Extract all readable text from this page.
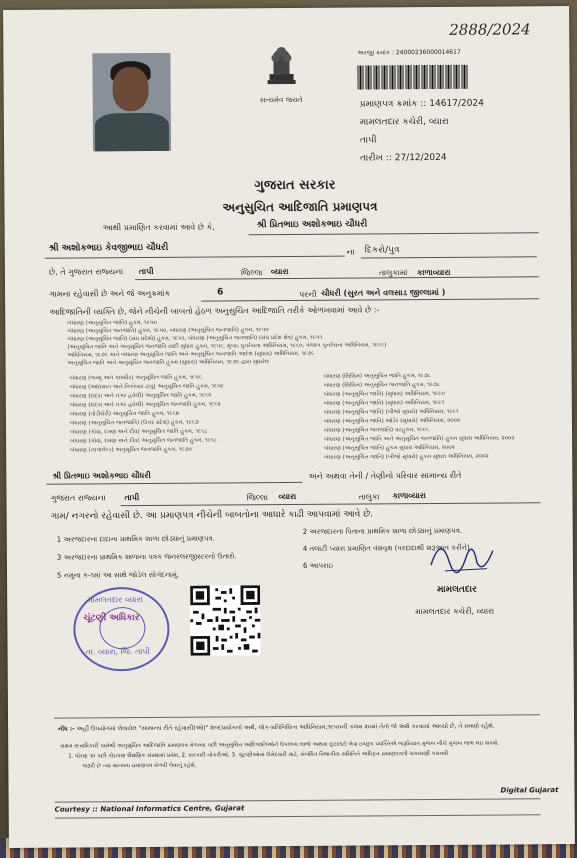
2888/2024
સત્યમેવ જયતે
અરજી ક્રમાંક : 24000236000014617
પ્રમાણપત્ર ક્રમાંક :: 14617/2024
મામલતદાર કચેરી, વ્યારા
તાપી
તારીખ :: 27/12/2024
ગુજરાત સરકાર
અનુસુચિત આદિજાતિ પ્રમાણપત્ર
આથી પ્રમાણિત કરવામાં આવે છે કે,	શ્રી પ્રિતભાઇ અશોકભાઇ ચૌધરી
શ્રી અશોકભાઇ કેવજીભાઇ ચૌધરી	ના દિકરો/પુત્ર
છે, તે ગુજરાત રાજ્યના તાપી	જિલ્લા વ્યારા	તાલુકામાં કાળાવ્યારા
ગામના રહેવાસી છે અને જે અનુક્રમાંક	6	પરની ચૌધરી (સુરત અને વલસાડ જીલ્લામાં )
આદિજાતિની વ્યક્તિ છે, જેને નીચેની બાબતો હેઠળ અનુસુચિત આદિજાતિ તરીકે ઓળખવામાં આવે છે :-
બંધારણ (અનુસૂચિત જાતિ) હુકમ, ૧૯૫૦
બંધારણ (અનુસૂચિત જનજાતિ) હુકમ, ૧૯૫૦, બંધારણ (અનુસૂચિત જનજાતિ) હુકમ, ૧૯૫૦
બંધારણ (અનુસૂચિત જાતિ) (સંઘ પ્રદેશો) હુકમ, ૧૯૫૧, બંધારણ (અનુસૂચિત જનજાતિ) (સંઘ પ્રદેશ ક્ષેત્ર) હુકમ, ૧૯૫૧
(અનુસૂચિત જાતિ અને અનુસૂચિત જનજાતિ યાદી સુધારા હુકમ, ૧૯૫૬, મુંબઇ પુનર્રચના અધિનિયમ, ૧૯૬૦, પંજાબ પુનર્રચના અધિનિયમ, ૧૯૬૬)
અધિનિયમ, ૧૯૭૬ અને બંધારણ અનુસૂચિત જાતિ અને અનુસૂચિત જનજાતિ આદેશ (સુધારા) અધિનિયમ, ૧૯૭૬
અનુસૂચિત જાતિ અને અનુસૂચિત જનજાતિ હુકમ (સુધારા) અધિનિયમ, ૧૯૭૬ દ્વારા સુધારેલ
બંધારણ (જમ્મુ અને કાશ્મીર) અનુસૂચિત જાતિ હુકમ, ૧૯૫૬
બંધારણ (આંદામાન અને નિકોબાર ટાપુ) અનુસૂચિત જાતિ હુકમ, ૧૯૫૯
બંધારણ (દાદરા અને નગર હવેલી) અનુસૂચિત જાતિ હુકમ, ૧૯૬૨
બંધારણ (દાદરા અને નગર હવેલી) અનુસૂચિત જનજાતિ હુકમ, ૧૯૬૨
બંધારણ (પોંડીચેરી) અનુસૂચિત જાતિ હુકમ, ૧૯૬૪
બંધારણ (અનુસૂચિત જનજાતિ) (ઉત્તર પ્રદેશ) હુકમ, ૧૯૬૭
બંધારણ (ગોવા, દમણ અને દીવ) અનુસૂચિત જાતિ હુકમ, ૧૯૬૮
બંધારણ (ગોવા, દમણ અને દીવ) અનુસૂચિત જનજાતિ હુકમ, ૧૯૬૮
બંધારણ (નાગાલેન્ડ) અનુસૂચિત જનજાતિ હુકમ, ૧૯૭૦
બંધારણ (સિક્કિમ) અનુસૂચિત જાતિ હુકમ, ૧૯૭૮
બંધારણ (સિક્કિમ) અનુસૂચિત જનજાતિ હુકમ, ૧૯૭૮
બંધારણ (અનુસૂચિત જાતિ) (સુધારા) અધિનિયમ, ૧૯૯૦
બંધારણ (અનુસૂચિત જાતિ) (સુધારા) અધિનિયમ, ૧૯૯૧
બંધારણ (અનુસૂચિત જાતિ) (બીજો સુધારો) અધિનિયમ, ૧૯૯૧
બંધારણ (અનુસૂચિત જાતિ) ઓર્ડર (સુધારો) અધિનિયમ, ૨૦૦૨
બંધારણ (અનુસૂચિત જનજાતિ) વટહુકમ, ૧૯૯૬
બંધારણ (અનુસૂચિત જાતિ અને અનુસૂચિત જનજાતિ) હુકમ સુધારા અધિનિયમ, ૨૦૦૨
બંધારણ (અનુસૂચિત જાતિ) હુકમ સુધારા અધિનિયમ, ૨૦૦૨
બંધારણ (અનુસૂચિત જાતિ) (બીજો સુધારો) હુકમ સુધારા અધિનિયમ, ૨૦૦૨
શ્રી પ્રિતભાઇ અશોકભાઇ ચૌધરી	અને અથવા તેની / તેણીનો પરિવાર સામાન્ય રીતે
ગુજરાત રાજ્યના તાપી	જિલ્લા વ્યારા	તાલુકા કાળાવ્યારા
ગામ/ નગરનો રહેવાસી છે. આ પ્રમાણપત્ર નીચેની બાબતોના આધારે કાઢી આપવામાં આવે છે.
1 અરજદારના દાદાના પ્રાથમિક શાળા છોડ્યાનું પ્રમાણપત્ર.
3 અરજદારના પ્રાથમિક શાળાના પત્રક જનરલરજીસ્ટરનો ઉતારો.
5 નમુના ક-૧માં આ સાથે જોડેલ સોગંદનામું.
2 અરજદારના પિતાના પ્રાથમિક શાળા છોડ્યાનું પ્રમાણપત્ર.
4 તલાટી પ્યારા પ્રમાણિત વંશવૃક્ષ (પરદાદાથી શરૂઆત કરીને).
6 આપરાઇ
મામલતદાર
મામલતદાર કચેરી, વ્યારા
મામલતદાર વ્યારા
ચૂંટણી અધિકાર
તા. વ્યારા, જિ. તાપી
નોંધ :- અહીં ઉપયોગમાં લેવાયેલ "સામાન્ય રીતે રહેવાસી(ઓ)" શબ્દપ્રયોગનો અર્થ, લોક-પ્રતિનિધિત્વ અધિનિયમ,૧૯૫૦ની કલમ ૨૦માં તેનો જે અર્થ કરવામાં આવ્યો છે, તે પ્રમાણે રહેશે.
સક્ષમ સત્તાધિકારી પાસેથી અનુસુચિત આદિજાતિ પ્રમાણપત્ર મેળવ્યા પછી અનુસુચિત આદિજાતિઓને ઉપલબ્ધ લાભો અથવા છૂટછાટો લેવા ઇચ્છુક વ્યક્તિએ જરૂરિયાત મુજબ નીચે મુજબ લાભ લઇ શકશે.
1. ધોરણ ૧૦ પછી કોઇપણ શૈક્ષણિક સંસ્થામાં પ્રવેશ, 2. સરકારી નોકરીઓ, 3. ચૂંટણીઓમાં ઉમેદવારી માટે, સંબંધિત વિભાગીય સમિતિને અધિકૃત પ્રમાણપત્રની ચકાસણી કરાવવી
જરૂરી છે ત્યાં માન્યતા પ્રમાણપત્ર મેળવી લેવાનું રહેશે.
Digital Gujarat
Courtesy :: National Informatics Centre, Gujarat
